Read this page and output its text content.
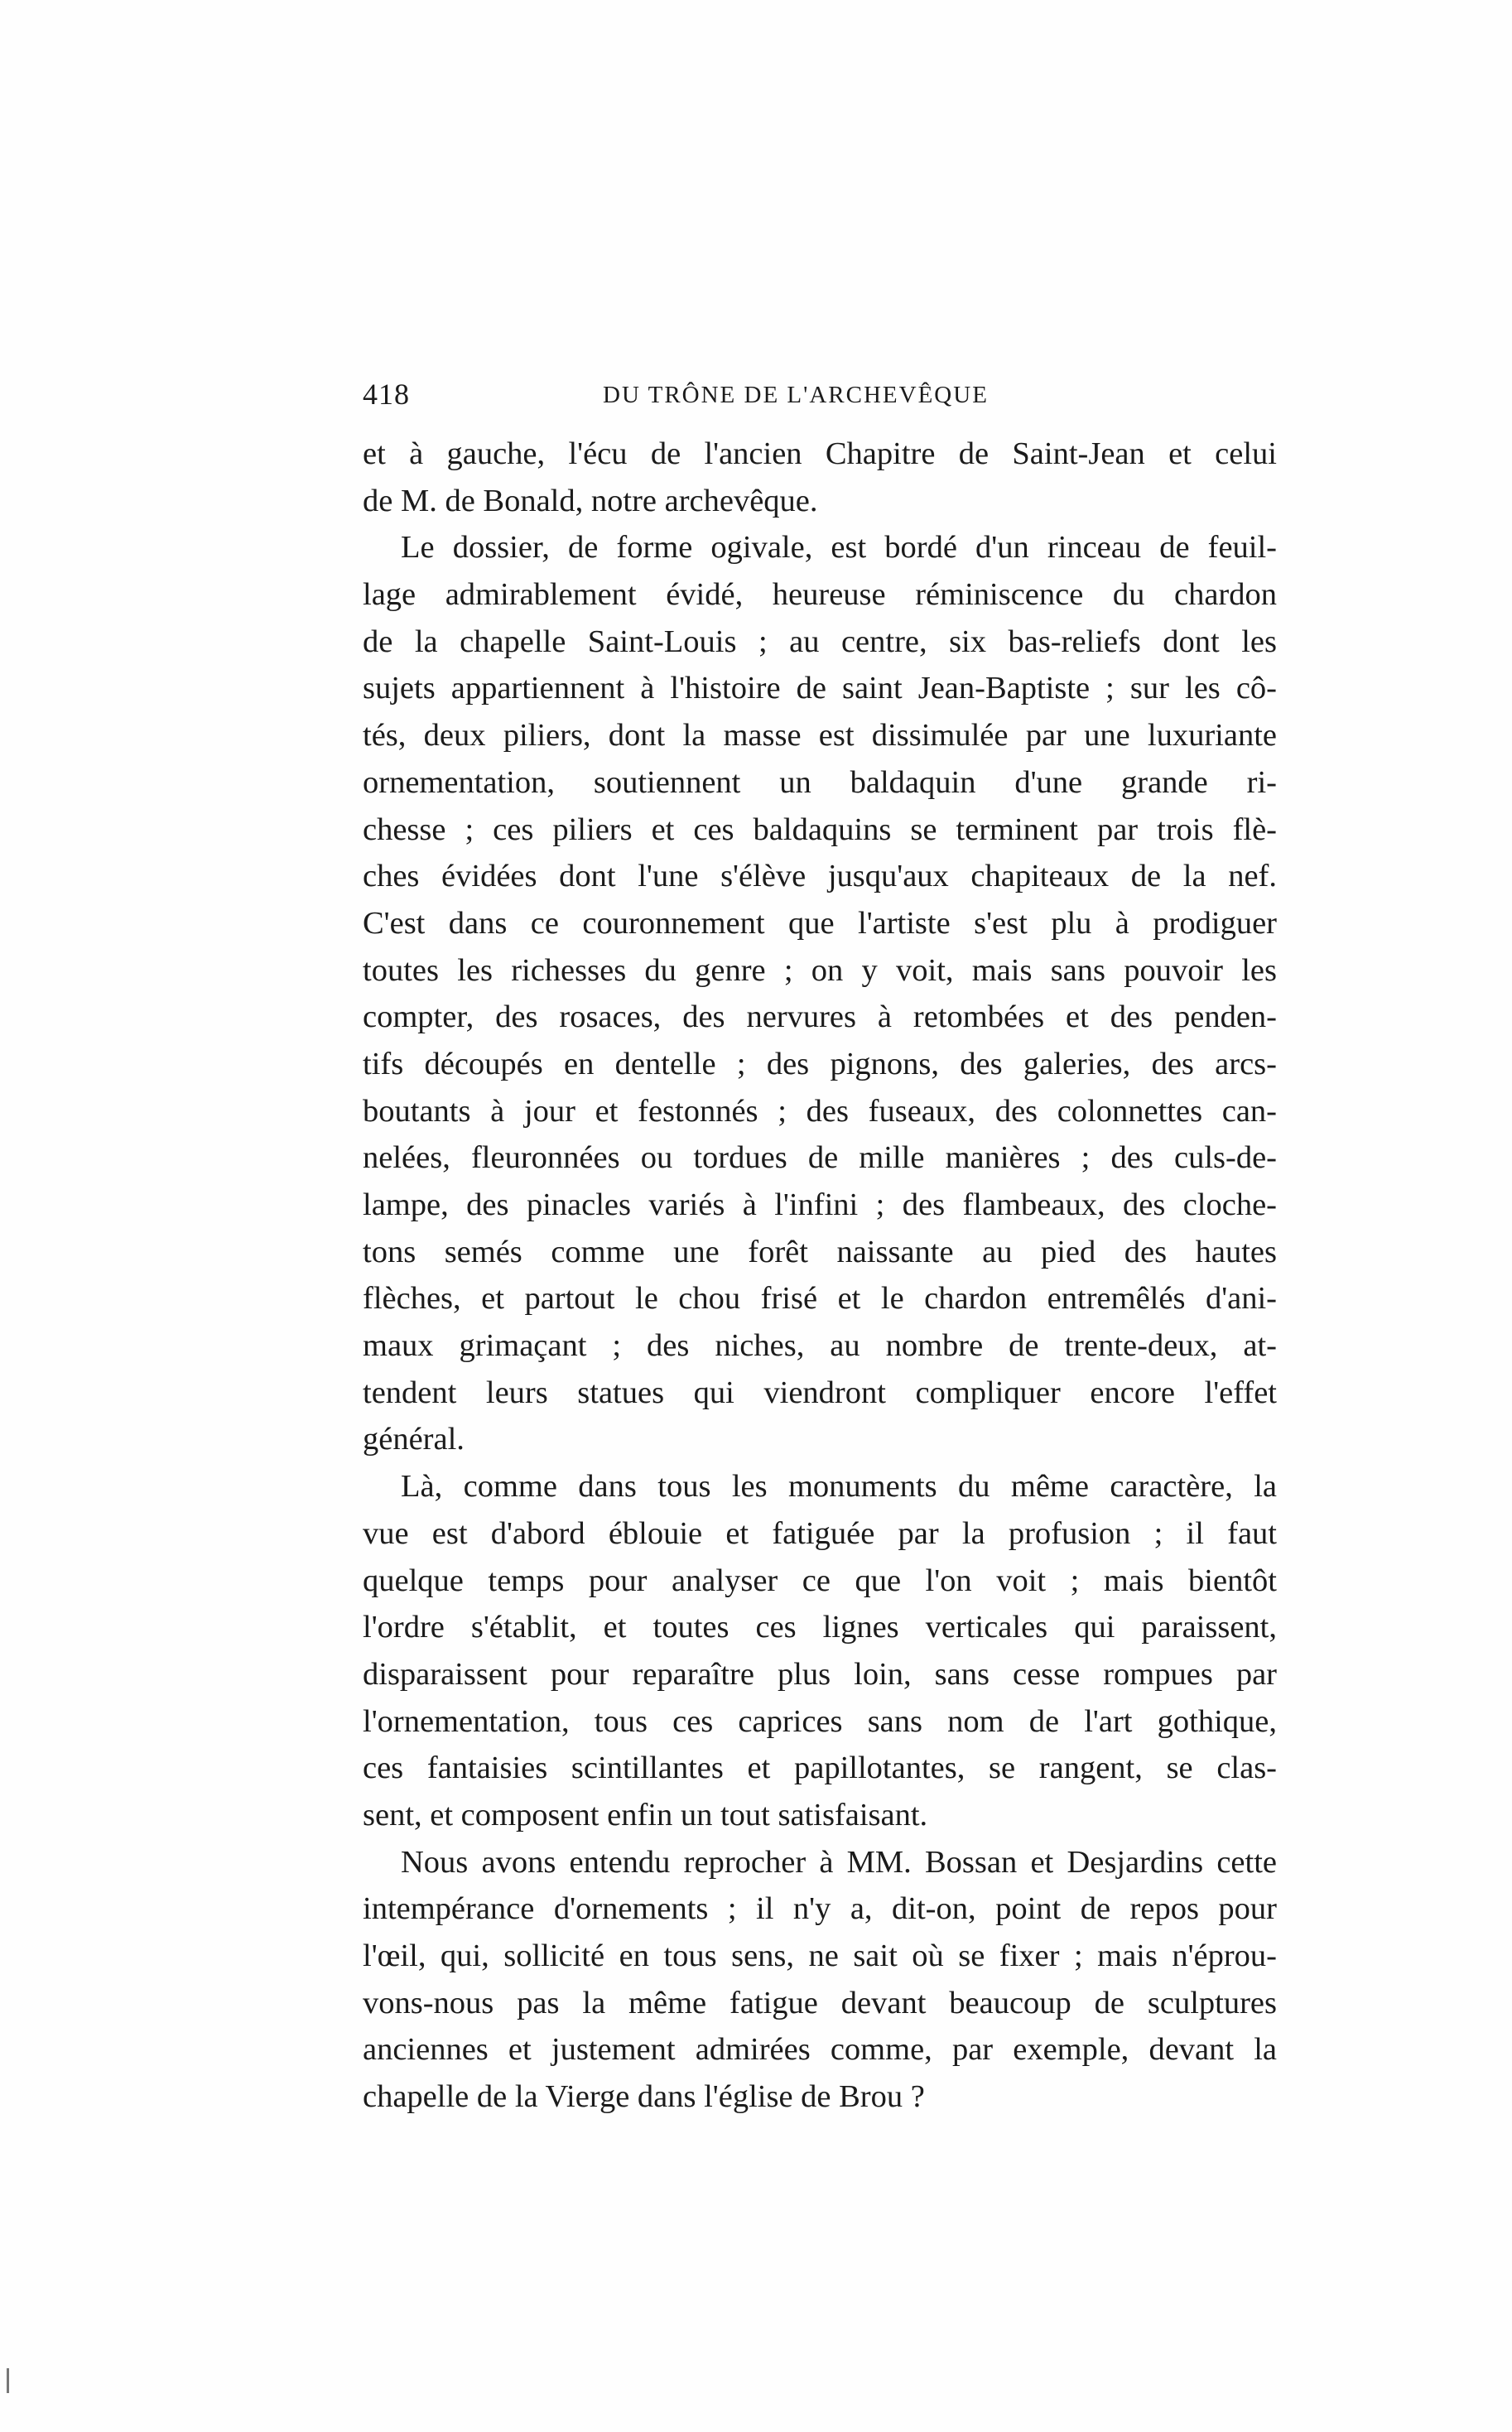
418	DU TRÔNE DE L'ARCHEVÊQUE
et à gauche, l'écu de l'ancien Chapitre de Saint-Jean et celui
de M. de Bonald, notre archevêque.
Le dossier, de forme ogivale, est bordé d'un rinceau de feuil-
lage admirablement évidé, heureuse réminiscence du chardon
de la chapelle Saint-Louis ; au centre, six bas-reliefs dont les
sujets appartiennent à l'histoire de saint Jean-Baptiste ; sur les cô-
tés, deux piliers, dont la masse est dissimulée par une luxuriante
ornementation, soutiennent un baldaquin d'une grande ri-
chesse ; ces piliers et ces baldaquins se terminent par trois flè-
ches évidées dont l'une s'élève jusqu'aux chapiteaux de la nef.
C'est dans ce couronnement que l'artiste s'est plu à prodiguer
toutes les richesses du genre ; on y voit, mais sans pouvoir les
compter, des rosaces, des nervures à retombées et des penden-
tifs découpés en dentelle ; des pignons, des galeries, des arcs-
boutants à jour et festonnés ; des fuseaux, des colonnettes can-
nelées, fleuronnées ou tordues de mille manières ; des culs-de-
lampe, des pinacles variés à l'infini ; des flambeaux, des cloche-
tons semés comme une forêt naissante au pied des hautes
flèches, et partout le chou frisé et le chardon entremêlés d'ani-
maux grimaçant ; des niches, au nombre de trente-deux, at-
tendent leurs statues qui viendront compliquer encore l'effet
général.
Là, comme dans tous les monuments du même caractère, la
vue est d'abord éblouie et fatiguée par la profusion ; il faut
quelque temps pour analyser ce que l'on voit ; mais bientôt
l'ordre s'établit, et toutes ces lignes verticales qui paraissent,
disparaissent pour reparaître plus loin, sans cesse rompues par
l'ornementation, tous ces caprices sans nom de l'art gothique,
ces fantaisies scintillantes et papillotantes, se rangent, se clas-
sent, et composent enfin un tout satisfaisant.
Nous avons entendu reprocher à MM. Bossan et Desjardins cette
intempérance d'ornements ; il n'y a, dit-on, point de repos pour
l'œil, qui, sollicité en tous sens, ne sait où se fixer ; mais n'éprou-
vons-nous pas la même fatigue devant beaucoup de sculptures
anciennes et justement admirées comme, par exemple, devant la
chapelle de la Vierge dans l'église de Brou ?
